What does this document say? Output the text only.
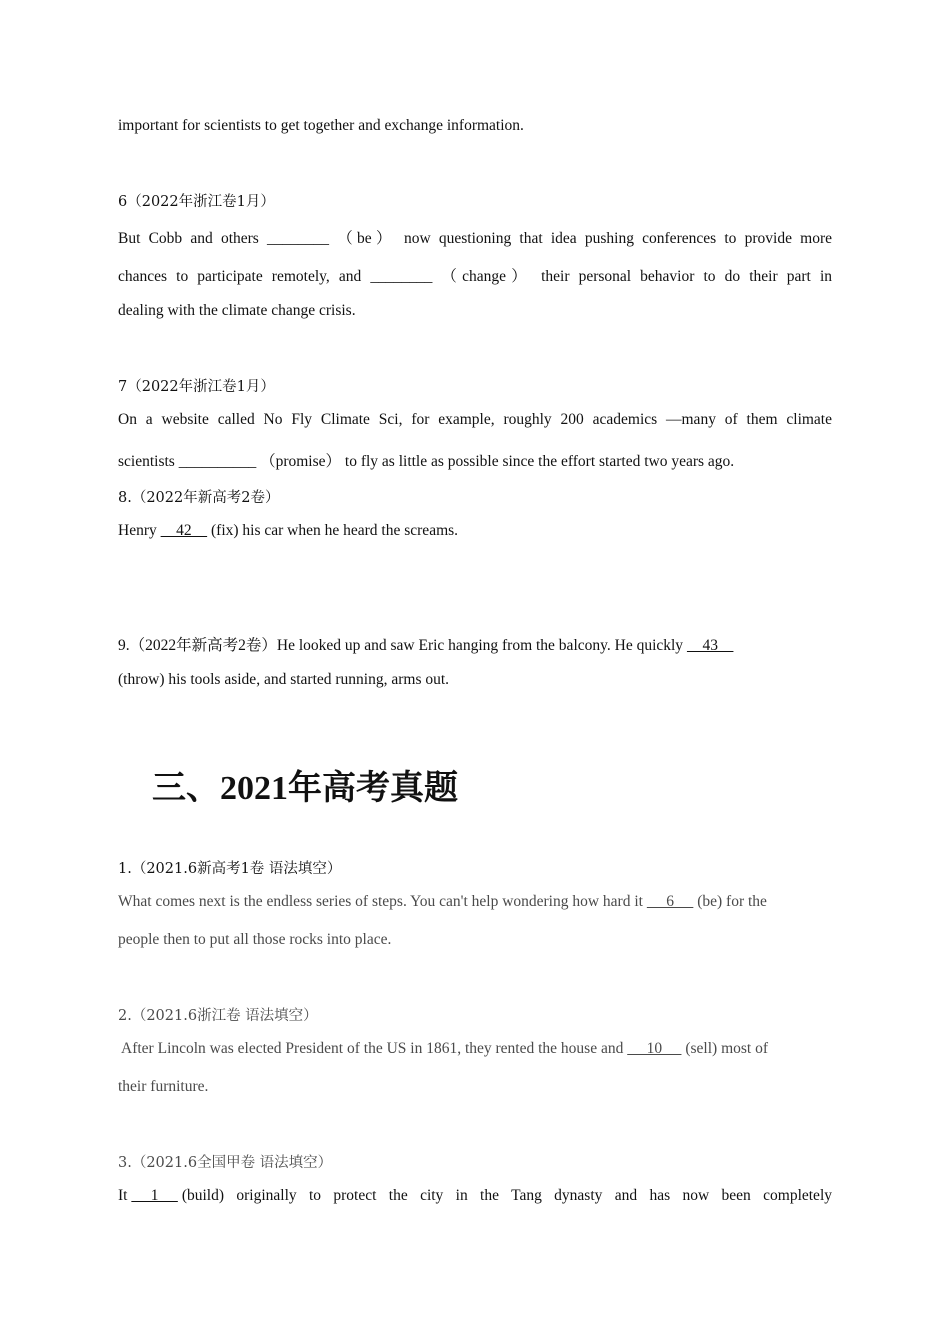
important for scientists to get together and exchange information.
6（2022年浙江卷1月）
But Cobb and others ________ （be） now questioning that idea pushing conferences to provide more
chances to participate remotely, and ________ （change） their personal behavior to do their part in
dealing with the climate change crisis.
7（2022年浙江卷1月）
On a website called No Fly Climate Sci, for example, roughly 200 academics —many of them climate
scientists __________ （promise） to fly as little as possible since the effort started two years ago.
8.（2022年新高考2卷）
Henry     42     (fix) his car when he heard the screams.
9.（2022年新高考2卷）He looked up and saw Eric hanging from the balcony. He quickly     43
(throw) his tools aside, and started running, arms out.
三、2021年高考真题
1.（2021.6新高考1卷 语法填空）
What comes next is the endless series of steps. You can't help wondering how hard it      6      (be) for the
people then to put all those rocks into place.
2.（2021.6浙江卷 语法填空）
After Lincoln was elected President of the US in 1861, they rented the house and      10      (sell) most of
their furniture.
3.（2021.6全国甲卷 语法填空）
It 1 (build) originally to protect the city in the Tang dynasty and has now been completely
